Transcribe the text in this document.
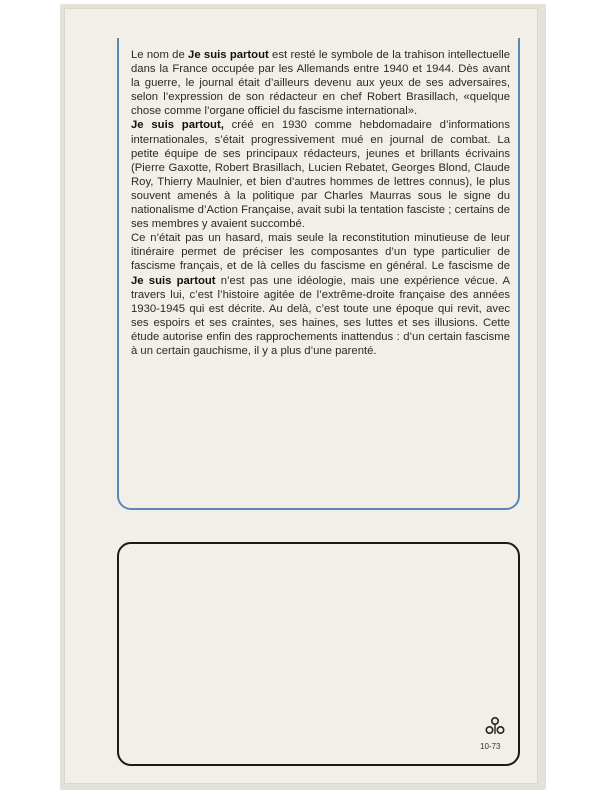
Le nom de Je suis partout est resté le symbole de la trahison intellectuelle dans la France occupée par les Allemands entre 1940 et 1944. Dès avant la guerre, le journal était d’ailleurs devenu aux yeux de ses adversaires, selon l’expression de son rédacteur en chef Robert Brasillach, «quelque chose comme l’organe officiel du fascisme international».

Je suis partout, créé en 1930 comme hebdomadaire d’informations internationales, s’était progressivement mué en journal de combat. La petite équipe de ses principaux rédacteurs, jeunes et brillants écrivains (Pierre Gaxotte, Robert Brasillach, Lucien Rebatet, Georges Blond, Claude Roy, Thierry Maulnier, et bien d’autres hommes de lettres connus), le plus souvent amenés à la politique par Charles Maurras sous le signe du nationalisme d’Action Française, avait subi la tentation fasciste ; certains de ses membres y avaient succombé.

Ce n’était pas un hasard, mais seule la reconstitution minutieuse de leur itinéraire permet de préciser les composantes d’un type particulier de fascisme français, et de là celles du fascisme en général. Le fascisme de Je suis partout n’est pas une idéologie, mais une expérience vécue. A travers lui, c’est l’histoire agitée de l’extrême-droite française des années 1930-1945 qui est décrite. Au delà, c’est toute une époque qui revit, avec ses espoirs et ses craintes, ses haines, ses luttes et ses illusions. Cette étude autorise enfin des rapprochements inattendus : d’un certain fascisme à un certain gauchisme, il y a plus d’une parenté.

10-73
